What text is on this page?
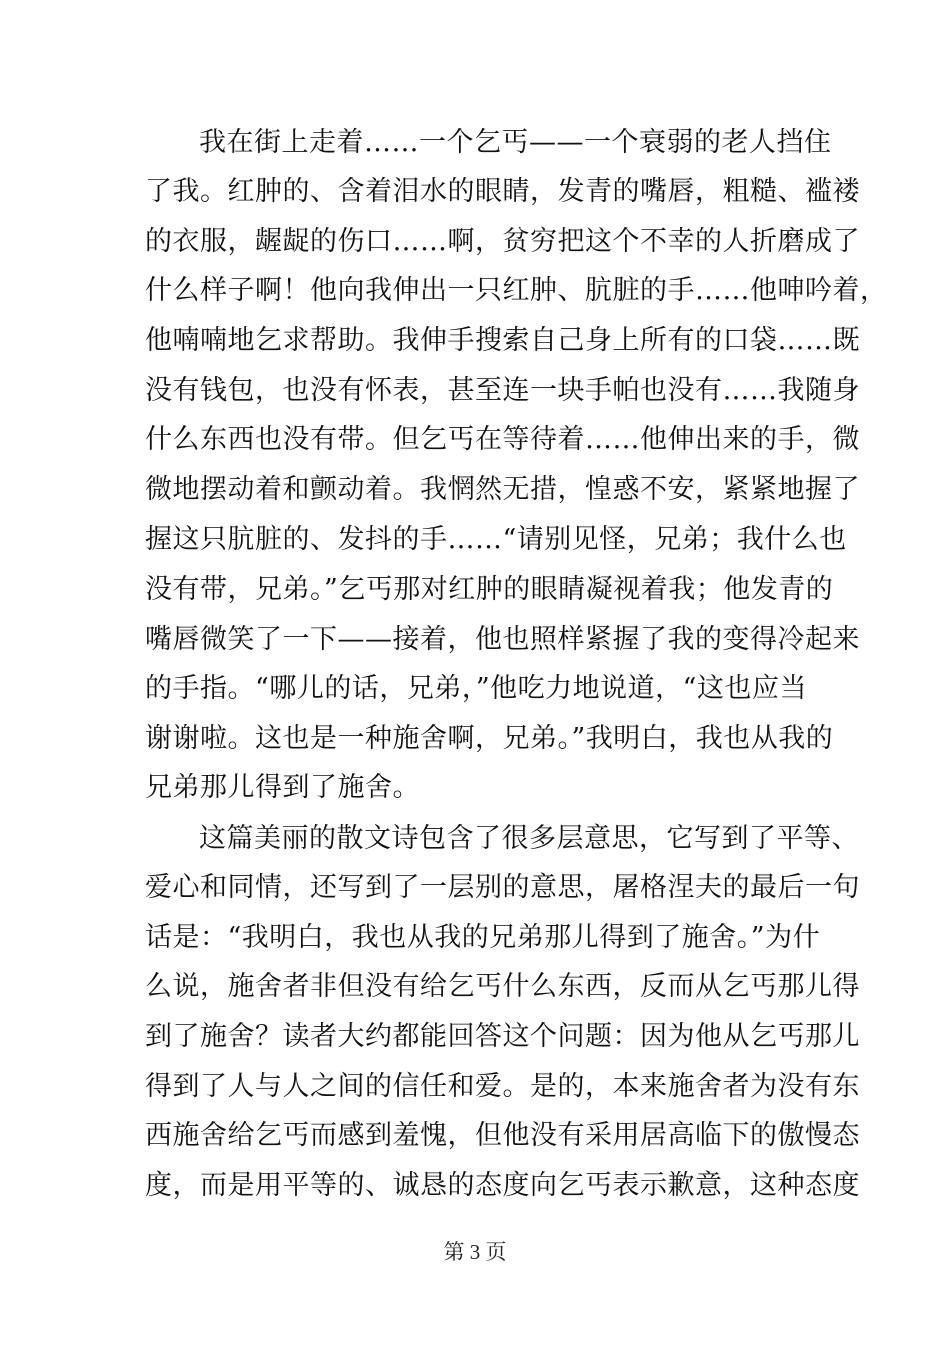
我在街上走着……一个乞丐——一个衰弱的老人挡住
了我。红肿的、含着泪水的眼睛，发青的嘴唇，粗糙、褴褛
的衣服，龌龊的伤口……啊，贫穷把这个不幸的人折磨成了
什么样子啊！他向我伸出一只红肿、肮脏的手……他呻吟着，
他喃喃地乞求帮助。我伸手搜索自己身上所有的口袋……既
没有钱包，也没有怀表，甚至连一块手帕也没有……我随身
什么东西也没有带。但乞丐在等待着……他伸出来的手，微
微地摆动着和颤动着。我惘然无措，惶惑不安，紧紧地握了
握这只肮脏的、发抖的手……“请别见怪，兄弟；我什么也
没有带，兄弟。”乞丐那对红肿的眼睛凝视着我；他发青的
嘴唇微笑了一下——接着，他也照样紧握了我的变得冷起来
的手指。“哪儿的话，兄弟，”他吃力地说道，“这也应当
谢谢啦。这也是一种施舍啊，兄弟。”我明白，我也从我的
兄弟那儿得到了施舍。
这篇美丽的散文诗包含了很多层意思，它写到了平等、
爱心和同情，还写到了一层别的意思，屠格涅夫的最后一句
话是：“我明白，我也从我的兄弟那儿得到了施舍。”为什
么说，施舍者非但没有给乞丐什么东西，反而从乞丐那儿得
到了施舍？读者大约都能回答这个问题：因为他从乞丐那儿
得到了人与人之间的信任和爱。是的，本来施舍者为没有东
西施舍给乞丐而感到羞愧，但他没有采用居高临下的傲慢态
度，而是用平等的、诚恳的态度向乞丐表示歉意，这种态度
第 3 页
